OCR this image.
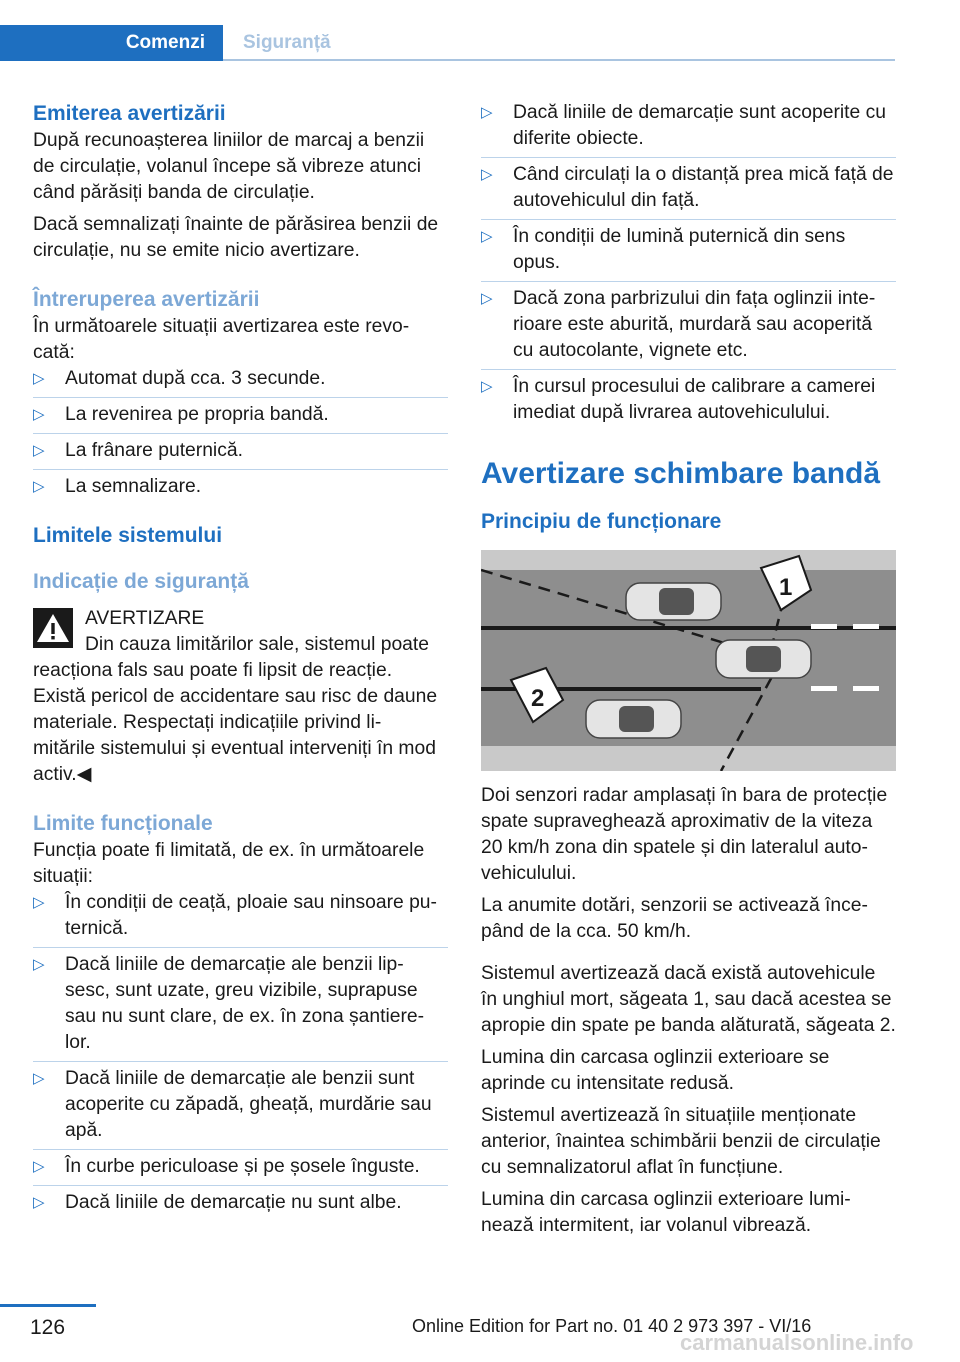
Comenzi Siguranță
Emiterea avertizării

După recunoașterea liniilor de marcaj a benzii de circulație, volanul începe să vibreze atunci când părăsiți banda de circulație.

Dacă semnalizați înainte de părăsirea benzii de circulație, nu se emite nicio avertizare.

Întreruperea avertizării

În următoarele situații avertizarea este revo‐ cată:

▷ Automat după cca. 3 secunde.
▷ La revenirea pe propria bandă.
▷ La frânare puternică.
▷ La semnalizare.
Limitele sistemului
Indicație de siguranță

AVERTIZARE

Din cauza limitărilor sale, sistemul poate reacționa fals sau poate fi lipsit de reacție. Există pericol de accidentare sau risc de daune materiale. Respectați indicațiile privind li‐ mitările sistemului și eventual interveniți în mod activ.◀

Limite funcționale

Funcția poate fi limitată, de ex. în următoarele situații:

▷ În condiții de ceață, ploaie sau ninsoare pu‐ ternică.
▷ Dacă liniile de demarcație ale benzii lip‐ sesc, sunt uzate, greu vizibile, suprapuse sau nu sunt clare, de ex. în zona șantiere‐ lor.
▷ Dacă liniile de demarcație ale benzii sunt acoperite cu zăpadă, gheață, murdărie sau apă.
▷ În curbe periculoase și pe șosele înguste.
▷ Dacă liniile de demarcație nu sunt albe.
▷ Dacă liniile de demarcație sunt acoperite cu diferite obiecte.
▷ Când circulați la o distanță prea mică față de autovehiculul din față.
▷ În condiții de lumină puternică din sens opus.
▷ Dacă zona parbrizului din fața oglinzii inte‐ rioare este aburită, murdară sau acoperită cu autocolante, vignete etc.
▷ În cursul procesului de calibrare a camerei imediat după livrarea autovehiculului.
Avertizare schimbare bandă
Principiu de funcționare
1
2

Doi senzori radar amplasați în bara de protecție spate supraveghează aproximativ de la viteza 20 km/h zona din spatele și din lateralul auto‐ vehiculului.

La anumite dotări, senzorii se activează înce‐ pând de la cca. 50 km/h.

Sistemul avertizează dacă există autovehicule în unghiul mort, săgeata 1, sau dacă acestea se apropie din spate pe banda alăturată, săgeata 2.

Lumina din carcasa oglinzii exterioare se aprinde cu intensitate redusă.

Sistemul avertizează în situațiile menționate anterior, înaintea schimbării benzii de circulație cu semnalizatorul aflat în funcțiune.

Lumina din carcasa oglinzii exterioare lumi‐ nează intermitent, iar volanul vibrează.

126	Online Edition for Part no. 01 40 2 973 397 - VI/16
carmanualsonline.info
